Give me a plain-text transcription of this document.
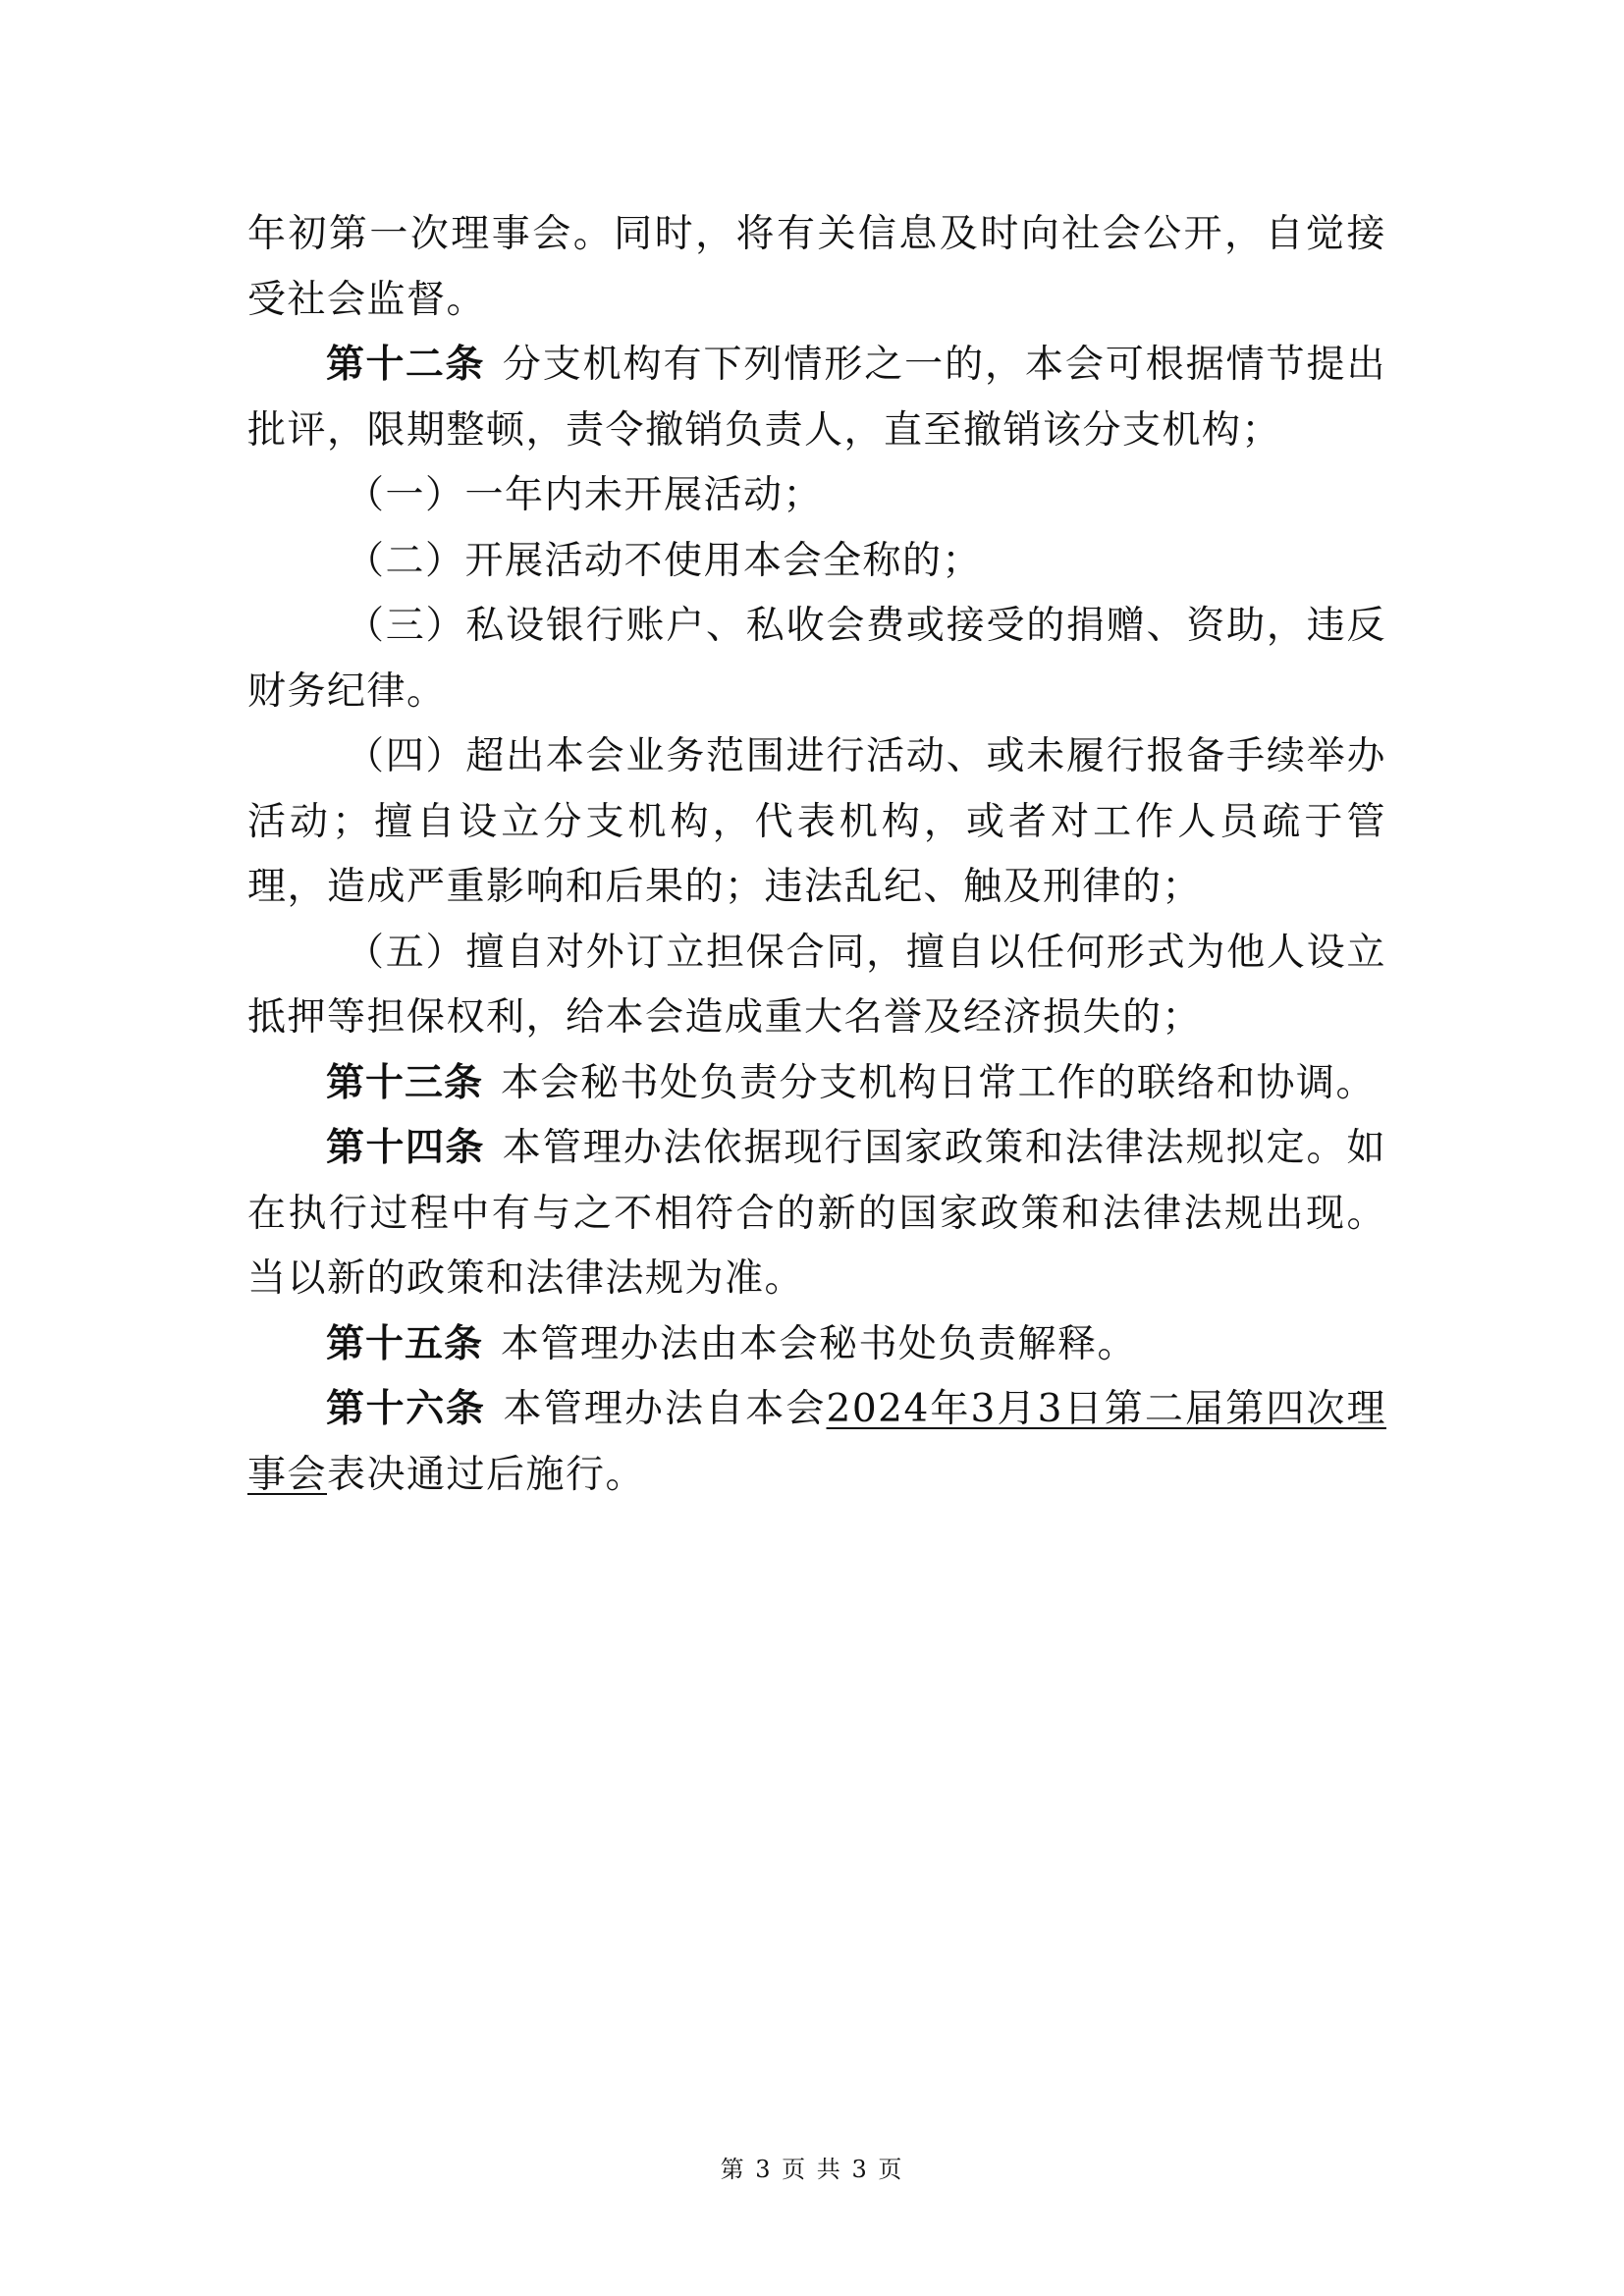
年初第一次理事会。同时，将有关信息及时向社会公开，自觉接受社会监督。

第十二条 分支机构有下列情形之一的，本会可根据情节提出批评，限期整顿，责令撤销负责人，直至撤销该分支机构；

（一）一年内未开展活动；

（二）开展活动不使用本会全称的；

（三）私设银行账户、私收会费或接受的捐赠、资助，违反财务纪律。

（四）超出本会业务范围进行活动、或未履行报备手续举办活动；擅自设立分支机构，代表机构，或者对工作人员疏于管理，造成严重影响和后果的；违法乱纪、触及刑律的；

（五）擅自对外订立担保合同，擅自以任何形式为他人设立抵押等担保权利，给本会造成重大名誉及经济损失的；

第十三条 本会秘书处负责分支机构日常工作的联络和协调。

第十四条 本管理办法依据现行国家政策和法律法规拟定。如在执行过程中有与之不相符合的新的国家政策和法律法规出现。当以新的政策和法律法规为准。

第十五条 本管理办法由本会秘书处负责解释。

第十六条 本管理办法自本会2024年3月3日第二届第四次理事会表决通过后施行。

第 3 页 共 3 页
